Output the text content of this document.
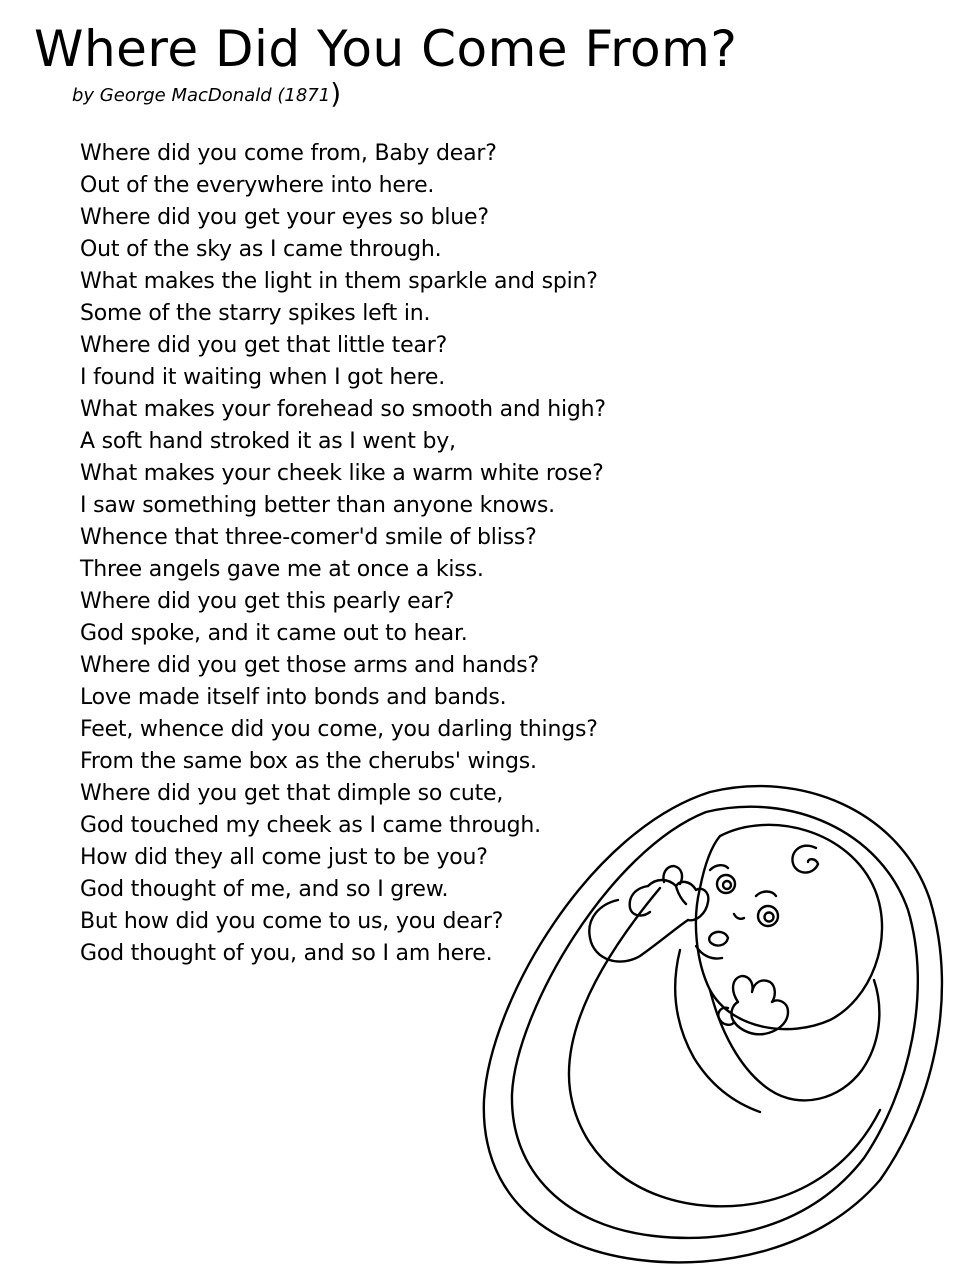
Where Did You Come From?
by George MacDonald (1871)
Where did you come from, Baby dear?
Out of the everywhere into here.
Where did you get your eyes so blue?
Out of the sky as I came through.
What makes the light in them sparkle and spin?
Some of the starry spikes left in.
Where did you get that little tear?
I found it waiting when I got here.
What makes your forehead so smooth and high?
A soft hand stroked it as I went by,
What makes your cheek like a warm white rose?
I saw something better than anyone knows.
Whence that three-comer'd smile of bliss?
Three angels gave me at once a kiss.
Where did you get this pearly ear?
God spoke, and it came out to hear.
Where did you get those arms and hands?
Love made itself into bonds and bands.
Feet, whence did you come, you darling things?
From the same box as the cherubs' wings.
Where did you get that dimple so cute,
God touched my cheek as I came through.
How did they all come just to be you?
God thought of me, and so I grew.
But how did you come to us, you dear?
God thought of you, and so I am here.
